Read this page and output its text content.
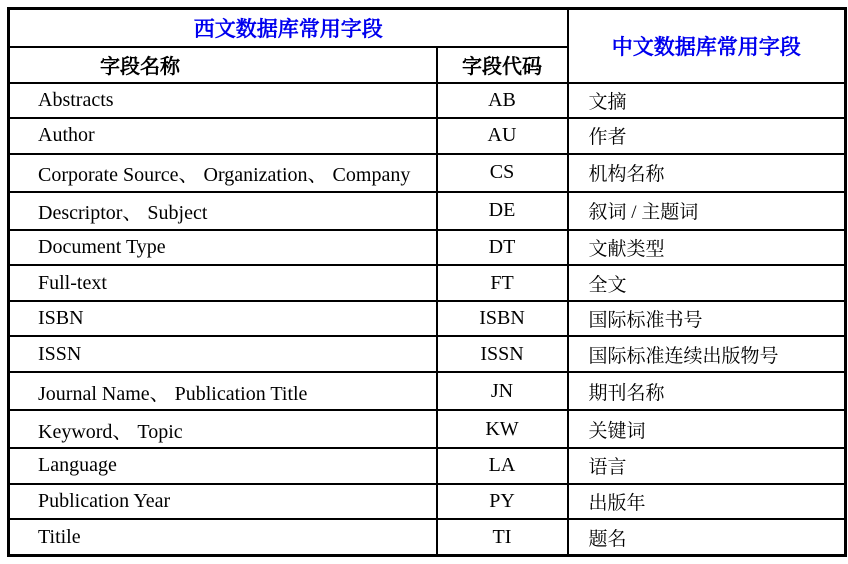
西文数据库常用字段		中文数据库常用字段
字段名称	字段代码	
Abstracts	AB	文摘
Author	AU	作者
Corporate Source、 Organization、 Company	CS	机构名称
Descriptor、 Subject	DE	叙词 / 主题词
Document Type	DT	文献类型
Full-text	FT	全文
ISBN	ISBN	国际标准书号
ISSN	ISSN	国际标准连续出版物号
Journal Name、 Publication Title	JN	期刊名称
Keyword、 Topic	KW	关键词
Language	LA	语言
Publication Year	PY	出版年
Titile	TI	题名
